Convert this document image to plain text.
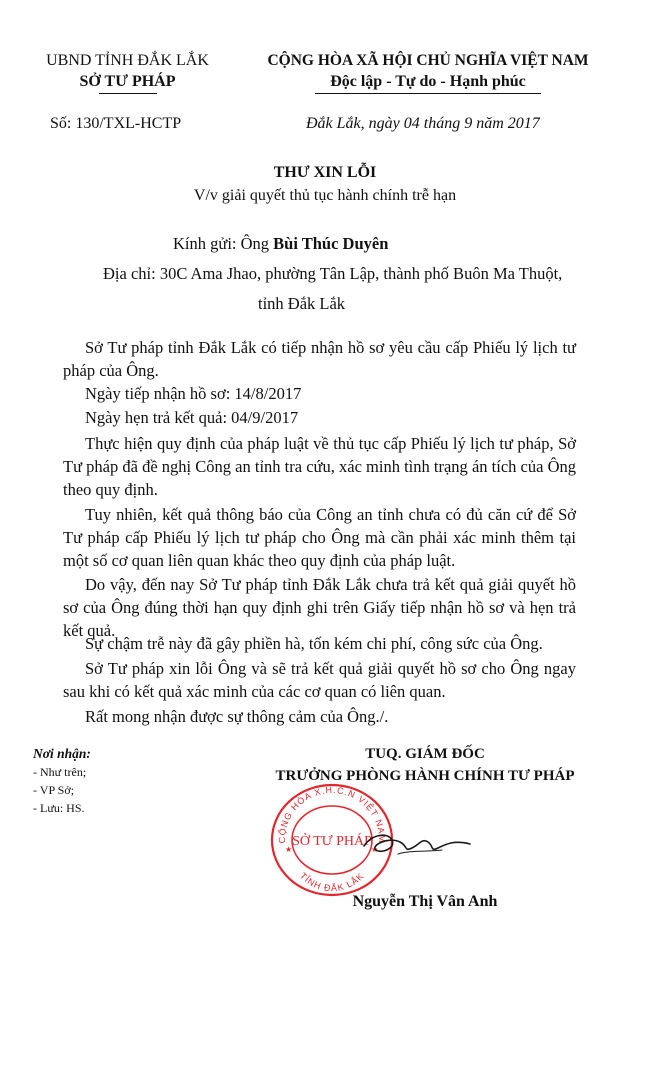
UBND TỈNH ĐẮK LẮK
SỞ TƯ PHÁP
Số: 130/TXL-HCTP
CỘNG HÒA XÃ HỘI CHỦ NGHĨA VIỆT NAM
Độc lập - Tự do - Hạnh phúc
Đắk Lắk, ngày 04 tháng 9 năm 2017
THƯ XIN LỖI
V/v giải quyết thủ tục hành chính trễ hạn
Kính gửi: Ông Bùi Thúc Duyên
Địa chỉ: 30C Ama Jhao, phường Tân Lập, thành phố Buôn Ma Thuột,
tỉnh Đắk Lắk
Sở Tư pháp tỉnh Đắk Lắk có tiếp nhận hồ sơ yêu cầu cấp Phiếu lý lịch tư pháp của Ông.
Ngày tiếp nhận hồ sơ: 14/8/2017
Ngày hẹn trả kết quả: 04/9/2017
Thực hiện quy định của pháp luật về thủ tục cấp Phiếu lý lịch tư pháp, Sở Tư pháp đã đề nghị Công an tỉnh tra cứu, xác minh tình trạng án tích của Ông theo quy định.
Tuy nhiên, kết quả thông báo của Công an tỉnh chưa có đủ căn cứ để Sở Tư pháp cấp Phiếu lý lịch tư pháp cho Ông mà cần phải xác minh thêm tại một số cơ quan liên quan khác theo quy định của pháp luật.
Do vậy, đến nay Sở Tư pháp tỉnh Đắk Lắk chưa trả kết quả giải quyết hồ sơ của Ông đúng thời hạn quy định ghi trên Giấy tiếp nhận hồ sơ và hẹn trả kết quả.
Sự chậm trễ này đã gây phiền hà, tốn kém chi phí, công sức của Ông.
Sở Tư pháp xin lỗi Ông và sẽ trả kết quả giải quyết hồ sơ cho Ông ngay sau khi có kết quả xác minh của các cơ quan có liên quan.
Rất mong nhận được sự thông cảm của Ông./.
Nơi nhận:
- Như trên;
- VP Sở;
- Lưu: HS.
TUQ. GIÁM ĐỐC
TRƯỞNG PHÒNG HÀNH CHÍNH TƯ PHÁP
CỘNG HÒA X.H.C.N VIỆT NAM
TỈNH ĐẮK LẮK
SỞ TƯ PHÁP
★	★
Nguyễn Thị Vân Anh
